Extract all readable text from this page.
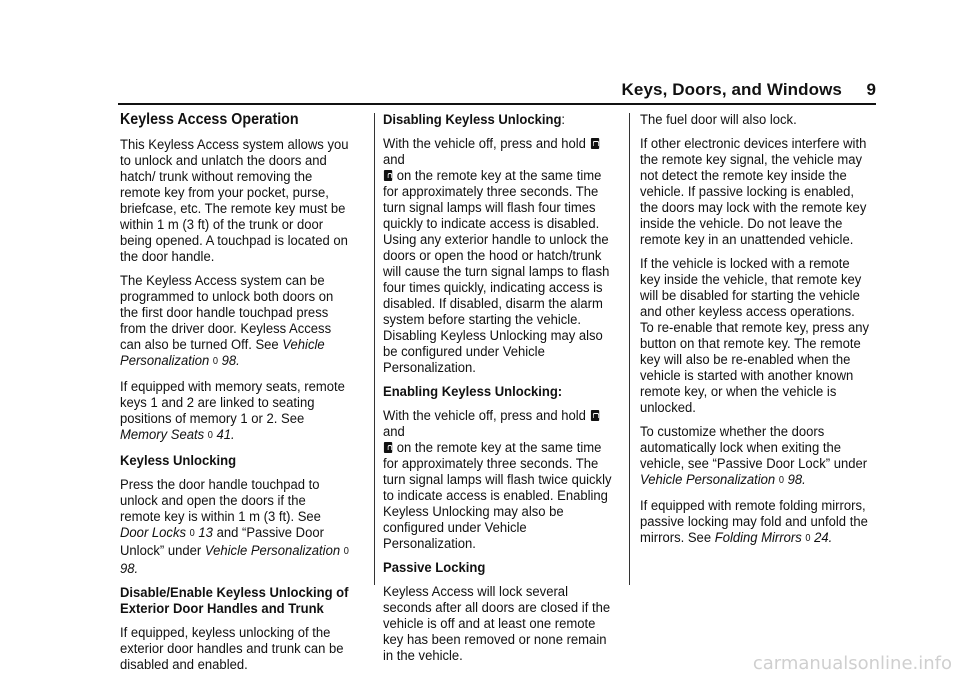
Keys, Doors, and Windows 9
Keyless Access Operation

This Keyless Access system allows you to unlock and unlatch the doors and hatch/ trunk without removing the remote key from your pocket, purse, briefcase, etc. The remote key must be within 1 m (3 ft) of the trunk or door being opened. A touchpad is located on the door handle.

The Keyless Access system can be programmed to unlock both doors on the first door handle touchpad press from the driver door. Keyless Access can also be turned Off. See Vehicle Personalization 0 98.

If equipped with memory seats, remote keys 1 and 2 are linked to seating positions of memory 1 or 2. See Memory Seats 0 41.

Keyless Unlocking

Press the door handle touchpad to unlock and open the doors if the remote key is within 1 m (3 ft). See Door Locks 0 13 and “Passive Door Unlock” under Vehicle Personalization 0 98.

Disable/Enable Keyless Unlocking of Exterior Door Handles and Trunk

If equipped, keyless unlocking of the exterior door handles and trunk can be disabled and enabled.

Disabling Keyless Unlocking:

With the vehicle off, press and hold  and
on the remote key at the same time for approximately three seconds. The turn signal lamps will flash four times quickly to indicate access is disabled. Using any exterior handle to unlock the doors or open the hood or hatch/trunk will cause the turn signal lamps to flash four times quickly, indicating access is disabled. If disabled, disarm the alarm system before starting the vehicle. Disabling Keyless Unlocking may also be configured under Vehicle Personalization.

Enabling Keyless Unlocking:

With the vehicle off, press and hold  and
on the remote key at the same time for approximately three seconds. The turn signal lamps will flash twice quickly to indicate access is enabled. Enabling Keyless Unlocking may also be configured under Vehicle Personalization.

Passive Locking

Keyless Access will lock several seconds after all doors are closed if the vehicle is off and at least one remote key has been removed or none remain in the vehicle.

The fuel door will also lock.

If other electronic devices interfere with the remote key signal, the vehicle may not detect the remote key inside the vehicle. If passive locking is enabled, the doors may lock with the remote key inside the vehicle. Do not leave the remote key in an unattended vehicle.

If the vehicle is locked with a remote key inside the vehicle, that remote key will be disabled for starting the vehicle and other keyless access operations. To re-enable that remote key, press any button on that remote key. The remote key will also be re-enabled when the vehicle is started with another known remote key, or when the vehicle is unlocked.

To customize whether the doors automatically lock when exiting the vehicle, see “Passive Door Lock” under Vehicle Personalization 0 98.

If equipped with remote folding mirrors, passive locking may fold and unfold the mirrors. See Folding Mirrors 0 24.

carmanualsonline.info
